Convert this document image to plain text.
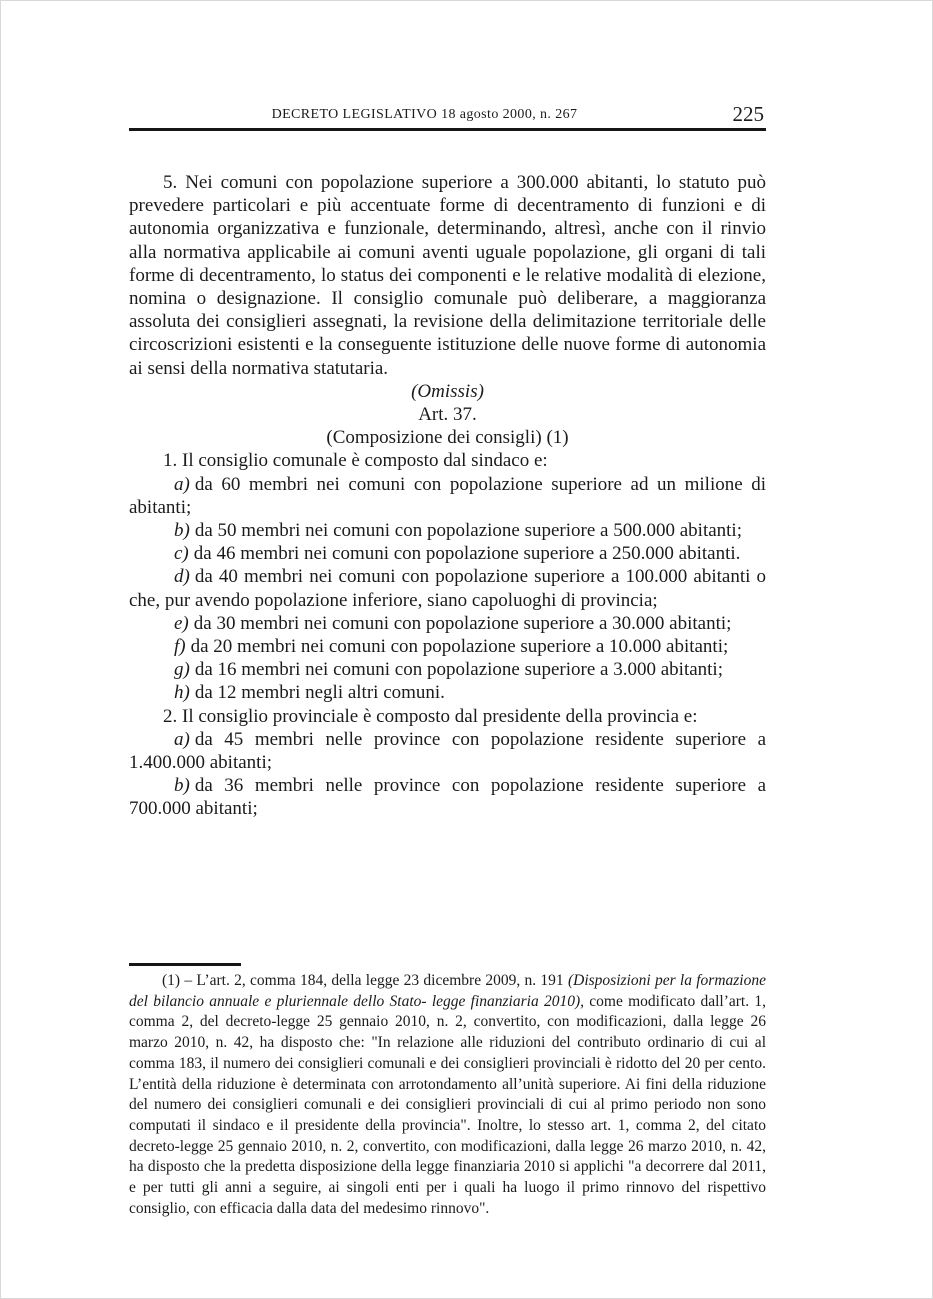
DECRETO LEGISLATIVO 18 agosto 2000, n. 267	225

5. Nei comuni con popolazione superiore a 300.000 abitanti, lo statuto può prevedere particolari e più accentuate forme di decentramento di funzioni e di autonomia organizzativa e funzionale, determinando, altresì, anche con il rinvio alla normativa applicabile ai comuni aventi uguale popolazione, gli organi di tali forme di decentramento, lo status dei componenti e le relative modalità di elezione, nomina o designazione. Il consiglio comunale può deliberare, a maggioranza assoluta dei consiglieri assegnati, la revisione della delimitazione territoriale delle circoscrizioni esistenti e la conseguente istituzione delle nuove forme di autonomia ai sensi della normativa statutaria.

(Omissis)

Art. 37.

(Composizione dei consigli) (1)

1. Il consiglio comunale è composto dal sindaco e:

a) da 60 membri nei comuni con popolazione superiore ad un milione di abitanti;

b) da 50 membri nei comuni con popolazione superiore a 500.000 abitanti;

c) da 46 membri nei comuni con popolazione superiore a 250.000 abitanti.

d) da 40 membri nei comuni con popolazione superiore a 100.000 abitanti o che, pur avendo popolazione inferiore, siano capoluoghi di provincia;

e) da 30 membri nei comuni con popolazione superiore a 30.000 abitanti;

f) da 20 membri nei comuni con popolazione superiore a 10.000 abitanti;

g) da 16 membri nei comuni con popolazione superiore a 3.000 abitanti;

h) da 12 membri negli altri comuni.

2. Il consiglio provinciale è composto dal presidente della provincia e:

a) da 45 membri nelle province con popolazione residente superiore a 1.400.000 abitanti;

b) da 36 membri nelle province con popolazione residente superiore a 700.000 abitanti;

(1) – L’art. 2, comma 184, della legge 23 dicembre 2009, n. 191 (Disposizioni per la formazione del bilancio annuale e pluriennale dello Stato- legge finanziaria 2010), come modificato dall’art. 1, comma 2, del decreto-legge 25 gennaio 2010, n. 2, convertito, con modificazioni, dalla legge 26 marzo 2010, n. 42, ha disposto che: "In relazione alle riduzioni del contributo ordinario di cui al comma 183, il numero dei consiglieri comunali e dei consiglieri provinciali è ridotto del 20 per cento. L’entità della riduzione è determinata con arrotondamento all’unità superiore. Ai fini della riduzione del numero dei consiglieri comunali e dei consiglieri provinciali di cui al primo periodo non sono computati il sindaco e il presidente della provincia". Inoltre, lo stesso art. 1, comma 2, del citato decreto-legge 25 gennaio 2010, n. 2, convertito, con modificazioni, dalla legge 26 marzo 2010, n. 42, ha disposto che la predetta disposizione della legge finanziaria 2010 si applichi "a decorrere dal 2011, e per tutti gli anni a seguire, ai singoli enti per i quali ha luogo il primo rinnovo del rispettivo consiglio, con efficacia dalla data del medesimo rinnovo".
